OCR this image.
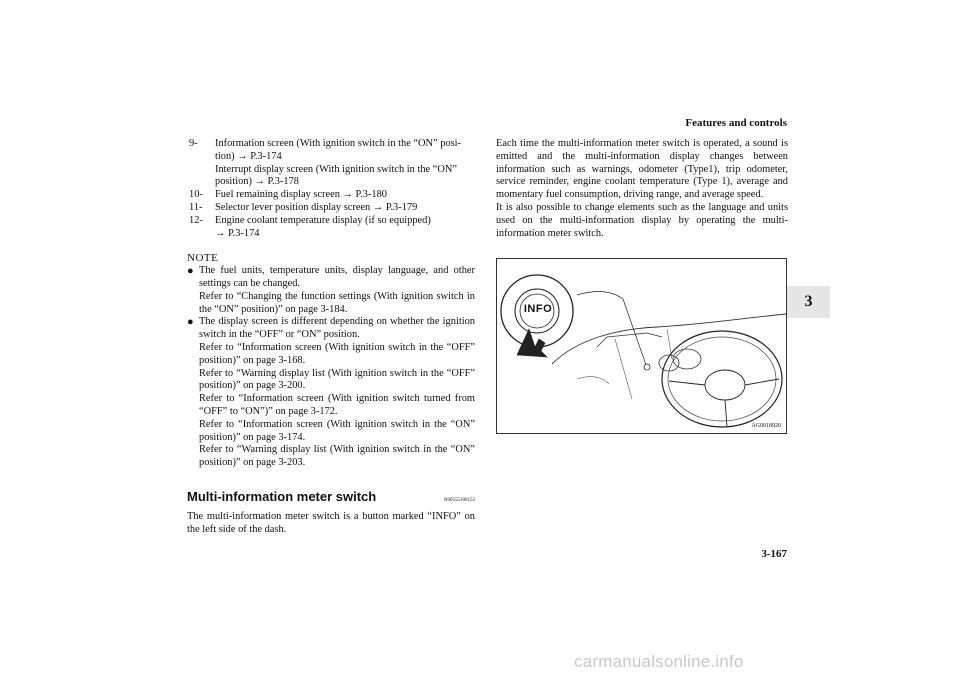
Features and controls
3
9-	Information screen (With ignition switch in the “ON” posi-tion) → P.3-174
Interrupt display screen (With ignition switch in the “ON” position) → P.3-178
10-	Fuel remaining display screen → P.3-180
11-	Selector lever position display screen → P.3-179
12-	Engine coolant temperature display (if so equipped)
→ P.3-174
NOTE
● The fuel units, temperature units, display language, and other settings can be changed.

Refer to “Changing the function settings (With ignition switch in the “ON” position)” on page 3-184.

● The display screen is different depending on whether the ignition switch in the “OFF” or “ON” position.

Refer to “Information screen (With ignition switch in the “OFF” position)” on page 3-168.

Refer to “Warning display list (With ignition switch in the “OFF” position)” on page 3-200.

Refer to “Information screen (With ignition switch turned from “OFF” to “ON”)” on page 3-172.

Refer to “Information screen (With ignition switch in the “ON” position)” on page 3-174.

Refer to “Warning display list (With ignition switch in the “ON” position)” on page 3-203.

Multi-information meter switch	N00555100152

The multi-information meter switch is a button marked “INFO” on the left side of the dash.

Each time the multi-information meter switch is operated, a sound is emitted and the multi-information display changes between information such as warnings, odometer (Type1), trip odometer, service reminder, engine coolant temperature (Type 1), average and momentary fuel consumption, driving range, and average speed.

It is also possible to change elements such as the language and units used on the multi-information display by operating the multi-information meter switch.

INFO
AG0018920
3-167
carmanualsonline.info
